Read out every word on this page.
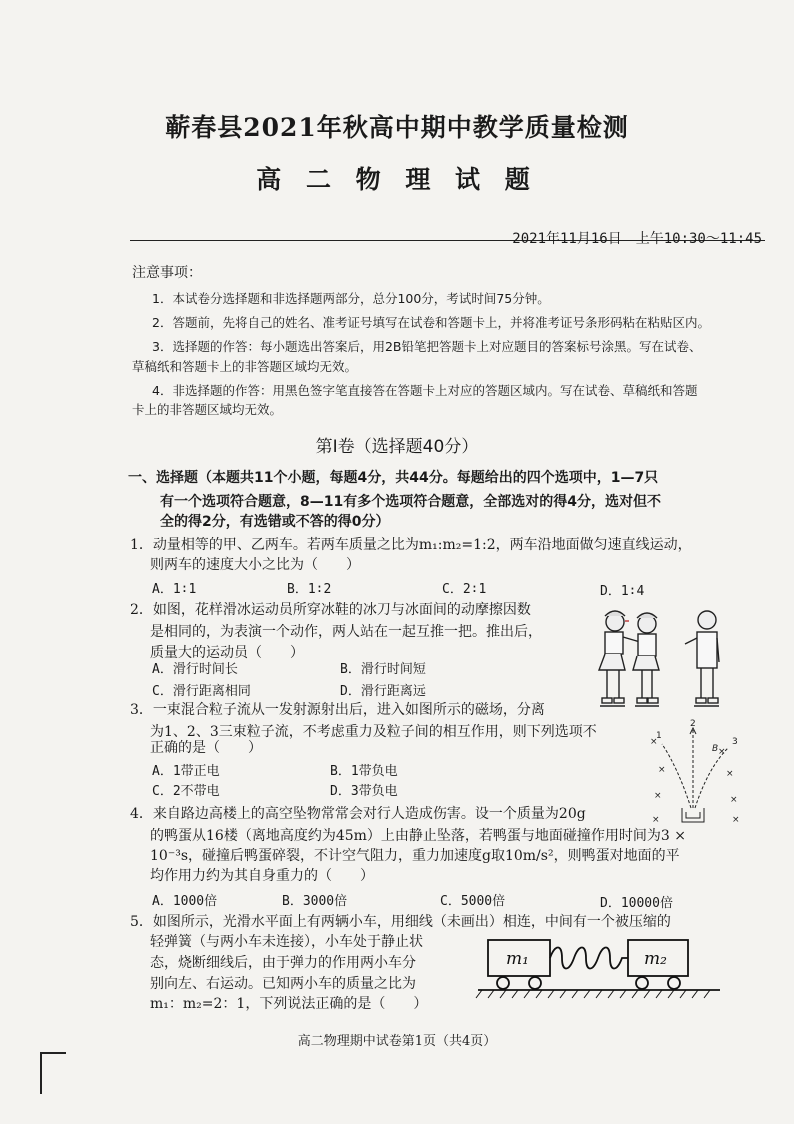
蕲春县2021年秋高中期中教学质量检测
高 二 物 理 试 题
2021年11月16日　上午10:30～11:45
注意事项：
1．本试卷分选择题和非选择题两部分，总分100分，考试时间75分钟。
2．答题前，先将自己的姓名、准考证号填写在试卷和答题卡上，并将准考证号条形码粘在粘贴区内。
3．选择题的作答：每小题选出答案后，用2B铅笔把答题卡上对应题目的答案标号涂黑。写在试卷、
草稿纸和答题卡上的非答题区域均无效。
4．非选择题的作答：用黑色签字笔直接答在答题卡上对应的答题区域内。写在试卷、草稿纸和答题
卡上的非答题区域均无效。
第Ⅰ卷（选择题40分）
一、选择题（本题共11个小题，每题4分，共44分。每题给出的四个选项中，1—7只
有一个选项符合题意，8—11有多个选项符合题意，全部选对的得4分，选对但不
全的得2分，有选错或不答的得0分）
1．动量相等的甲、乙两车。若两车质量之比为m₁:m₂=1:2，两车沿地面做匀速直线运动，
则两车的速度大小之比为（　　）
A．1∶1	B．1∶2	C．2∶1	D．1∶4
2．如图，花样滑冰运动员所穿冰鞋的冰刀与冰面间的动摩擦因数
是相同的，为表演一个动作，两人站在一起互推一把。推出后，
质量大的运动员（　　）
A．滑行时间长	B．滑行时间短
C．滑行距离相同	D．滑行距离远
3．一束混合粒子流从一发射源射出后，进入如图所示的磁场，分离
为1、2、3三束粒子流，不考虑重力及粒子间的相互作用，则下列选项不
正确的是（　　）
A．1带正电	B．1带负电
C．2不带电	D．3带负电
×
×
×	×
×	×
×	×
1
2
3
B
4．来自路边高楼上的高空坠物常常会对行人造成伤害。设一个质量为20g
的鸭蛋从16楼（离地高度约为45m）上由静止坠落，若鸭蛋与地面碰撞作用时间为3 ×
10⁻³s，碰撞后鸭蛋碎裂，不计空气阻力，重力加速度g取10m/s²，则鸭蛋对地面的平
均作用力约为其自身重力的（　　）
A．1000倍	B．3000倍	C．5000倍	D．10000倍
5．如图所示，光滑水平面上有两辆小车，用细线（未画出）相连，中间有一个被压缩的
轻弹簧（与两小车未连接），小车处于静止状
态，烧断细线后，由于弹力的作用两小车分
别向左、右运动。已知两小车的质量之比为
m₁：m₂=2：1，下列说法正确的是（　　）
m₁	m₂
高二物理期中试卷第1页（共4页）
